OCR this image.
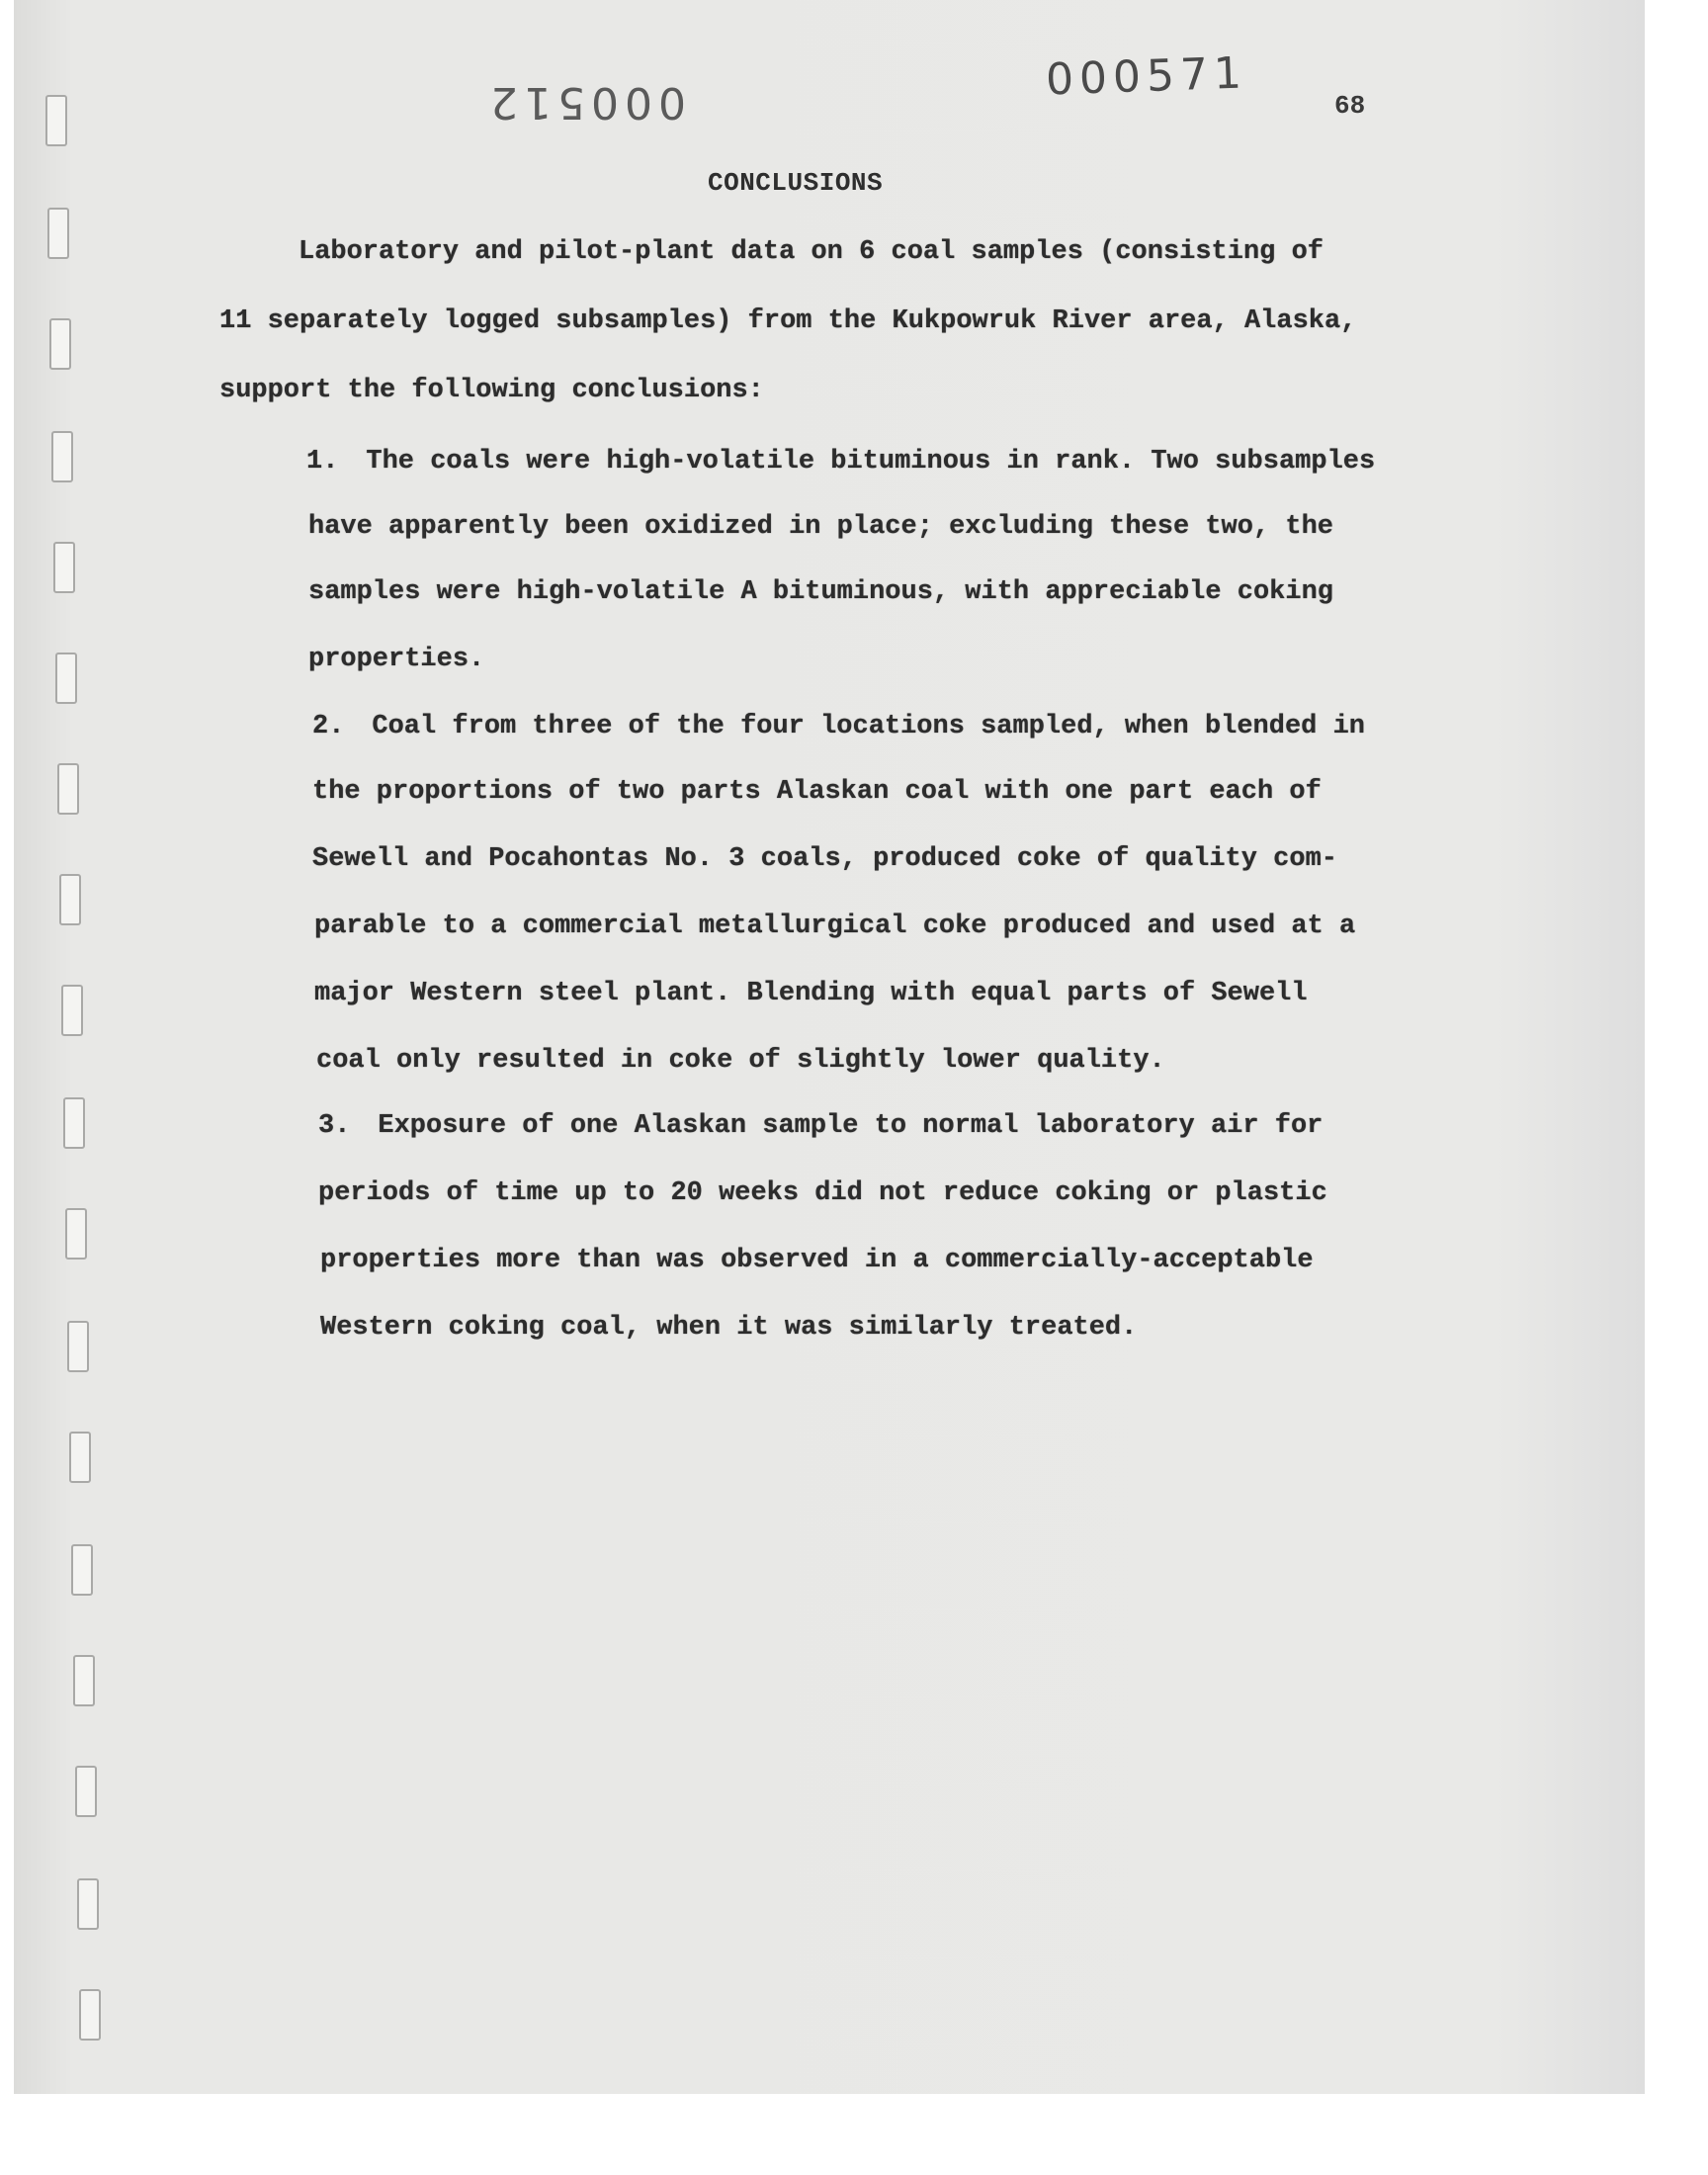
000512	000571
68
CONCLUSIONS
Laboratory and pilot-plant data on 6 coal samples (consisting of
11 separately logged subsamples) from the Kukpowruk River area, Alaska,
support the following conclusions:
1. The coals were high-volatile bituminous in rank. Two subsamples
have apparently been oxidized in place; excluding these two, the
samples were high-volatile A bituminous, with appreciable coking
properties.
2. Coal from three of the four locations sampled, when blended in
the proportions of two parts Alaskan coal with one part each of
Sewell and Pocahontas No. 3 coals, produced coke of quality com-
parable to a commercial metallurgical coke produced and used at a
major Western steel plant. Blending with equal parts of Sewell
coal only resulted in coke of slightly lower quality.
3. Exposure of one Alaskan sample to normal laboratory air for
periods of time up to 20 weeks did not reduce coking or plastic
properties more than was observed in a commercially-acceptable
Western coking coal, when it was similarly treated.
